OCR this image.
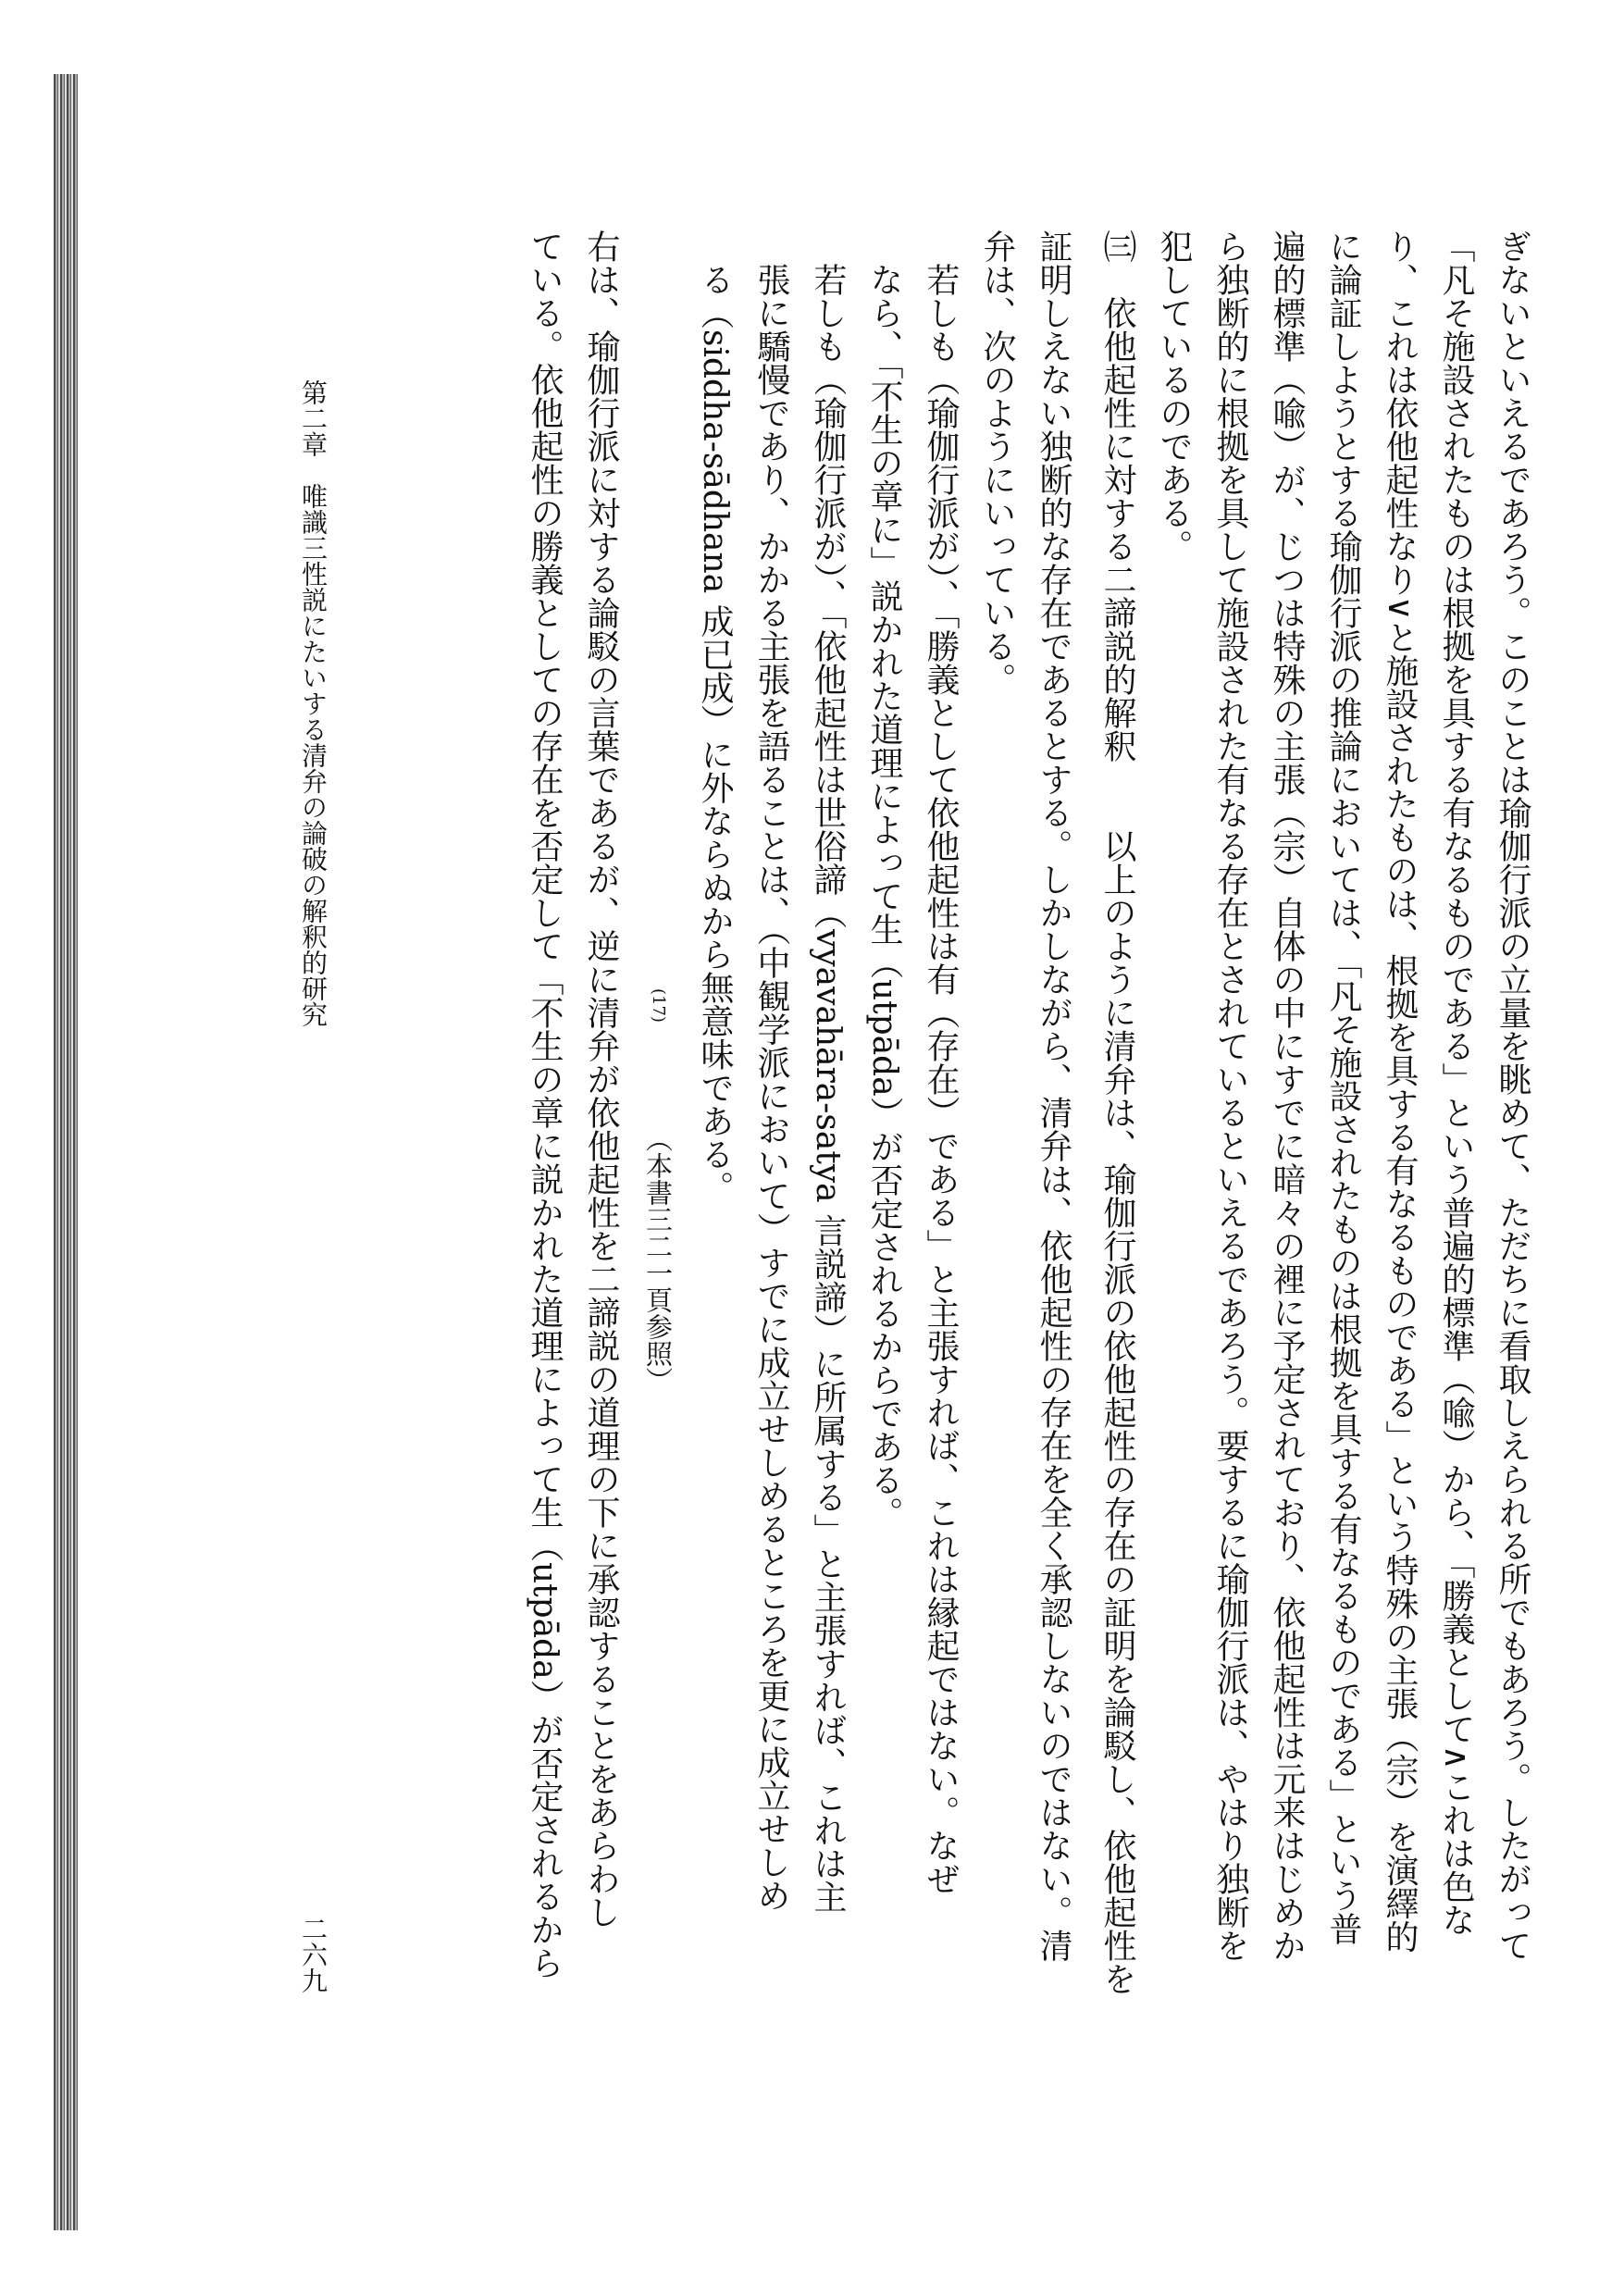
ぎないといえるであろう。このことは瑜伽行派の立量を眺めて、ただちに看取しえられる所でもあろう。したがって
「凡そ施設されたものは根拠を具する有なるものである」という普遍的標準（喩）から、「勝義として∧これは色な
り、これは依他起性なり∨と施設されたものは、根拠を具する有なるものである」という特殊の主張（宗）を演繹的
に論証しようとする瑜伽行派の推論においては、「凡そ施設されたものは根拠を具する有なるものである」という普
遍的標準（喩）が、じつは特殊の主張（宗）自体の中にすでに暗々の裡に予定されており、依他起性は元来はじめか
ら独断的に根拠を具して施設された有なる存在とされているといえるであろう。要するに瑜伽行派は、やはり独断を
犯しているのである。
㈢　依他起性に対する二諦説的解釈　　以上のように清弁は、瑜伽行派の依他起性の存在の証明を論駁し、依他起性を
証明しえない独断的な存在であるとする。しかしながら、清弁は、依他起性の存在を全く承認しないのではない。清
弁は、次のようにいっている。
若しも（瑜伽行派が）、「勝義として依他起性は有（存在）である」と主張すれば、これは縁起ではない。なぜ
なら、「不生の章に」説かれた道理によって生（utpāda）が否定されるからである。
若しも（瑜伽行派が）、「依他起性は世俗諦（vyavahāra-satya 言説諦）に所属する」と主張すれば、これは主
張に驕慢であり、かかる主張を語ることは、（中観学派において）すでに成立せしめるところを更に成立せしめ
る（siddha-sādhana 成已成）に外ならぬから無意味である。
(17) （本書三二一頁参照）
右は、瑜伽行派に対する論駁の言葉であるが、逆に清弁が依他起性を二諦説の道理の下に承認することをあらわし
ている。依他起性の勝義としての存在を否定して「不生の章に説かれた道理によって生（utpāda）が否定されるから
第二章　唯識三性説にたいする清弁の論破の解釈的研究
二六九
